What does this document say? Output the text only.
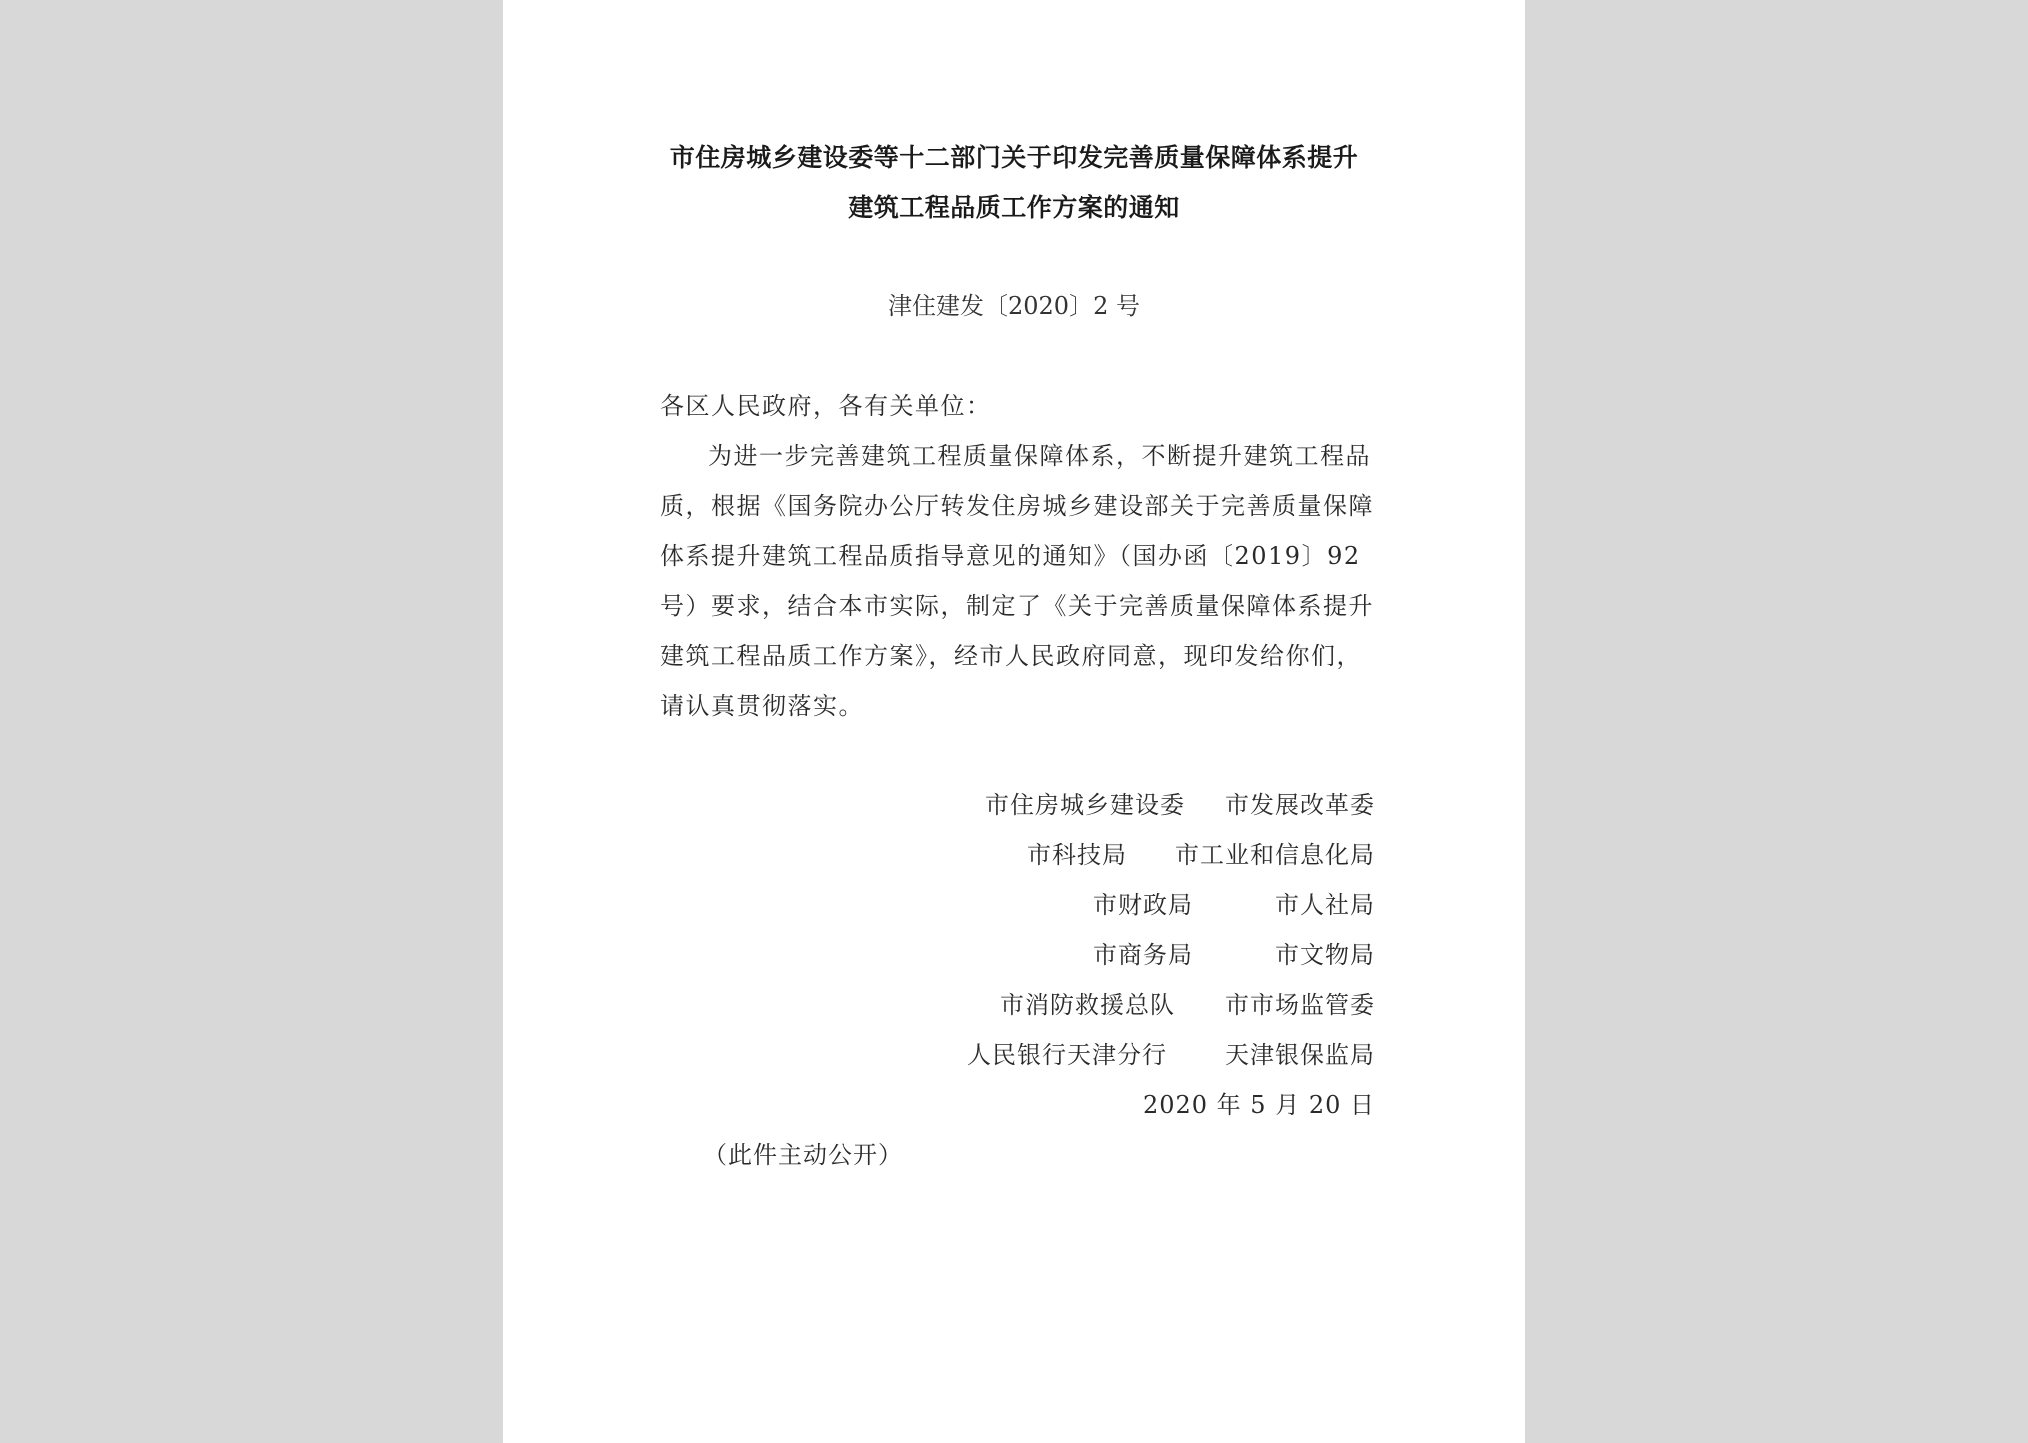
市住房城乡建设委等十二部门关于印发完善质量保障体系提升
建筑工程品质工作方案的通知
津住建发〔2020〕2 号
各区人民政府，各有关单位：
为进一步完善建筑工程质量保障体系，不断提升建筑工程品
质，根据《国务院办公厅转发住房城乡建设部关于完善质量保障
体系提升建筑工程品质指导意见的通知》（国办函〔2019〕92
号）要求，结合本市实际，制定了《关于完善质量保障体系提升
建筑工程品质工作方案》，经市人民政府同意，现印发给你们，
请认真贯彻落实。
市住房城乡建设委 市发展改革委
市科技局 市工业和信息化局
市财政局	市人社局
市商务局	市文物局
市消防救援总队 市市场监管委
人民银行天津分行 天津银保监局
2020 年 5 月 20 日
（此件主动公开）
